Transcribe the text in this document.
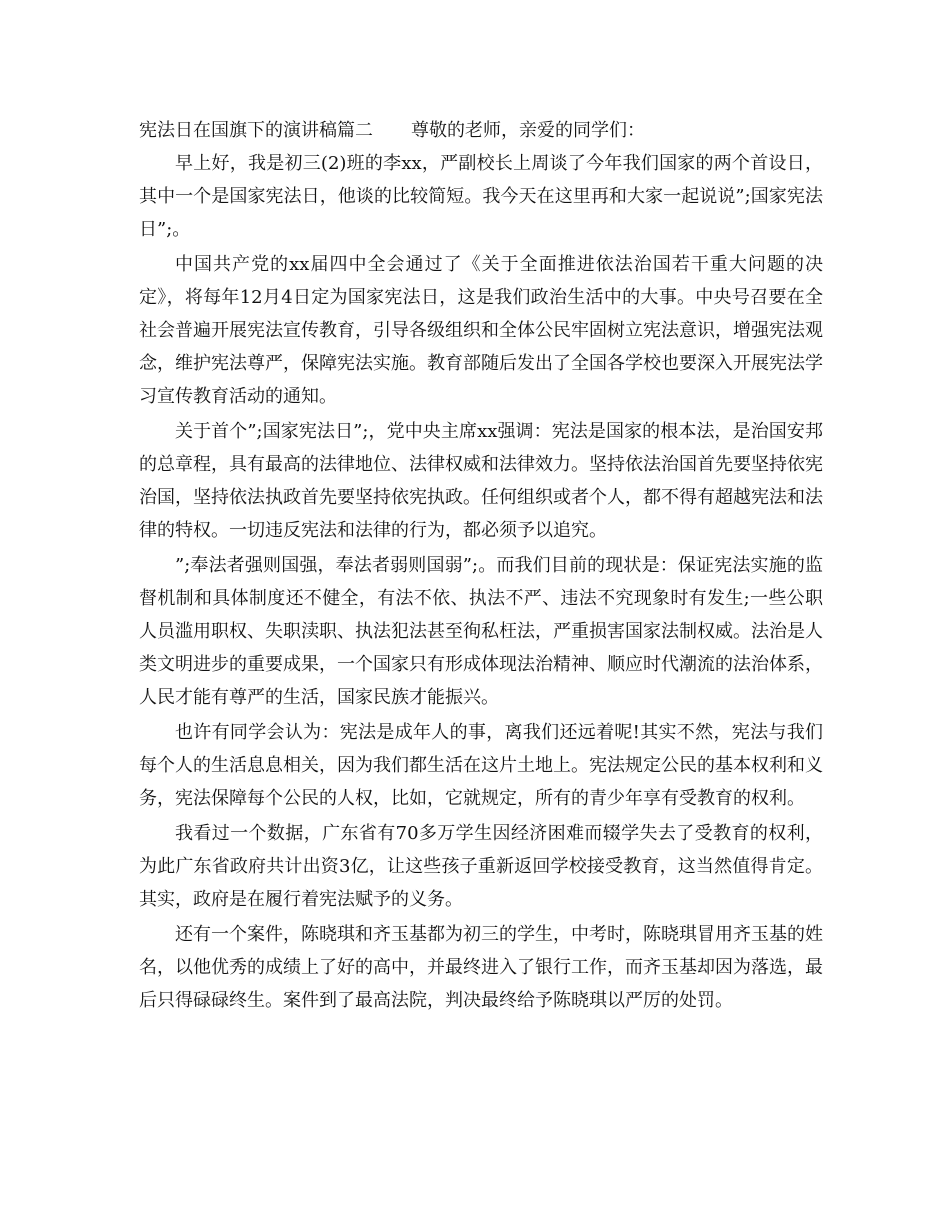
宪法日在国旗下的演讲稿篇二 尊敬的老师，亲爱的同学们：

早上好，我是初三(2)班的李xx，严副校长上周谈了今年我们国家的两个首设日，其中一个是国家宪法日，他谈的比较简短。我今天在这里再和大家一起说说”;国家宪法日”;。

中国共产党的xx届四中全会通过了《关于全面推进依法治国若干重大问题的决定》，将每年12月4日定为国家宪法日，这是我们政治生活中的大事。中央号召要在全社会普遍开展宪法宣传教育，引导各级组织和全体公民牢固树立宪法意识，增强宪法观念，维护宪法尊严，保障宪法实施。教育部随后发出了全国各学校也要深入开展宪法学习宣传教育活动的通知。

关于首个”;国家宪法日”;，党中央主席xx强调：宪法是国家的根本法，是治国安邦的总章程，具有最高的法律地位、法律权威和法律效力。坚持依法治国首先要坚持依宪治国，坚持依法执政首先要坚持依宪执政。任何组织或者个人，都不得有超越宪法和法律的特权。一切违反宪法和法律的行为，都必须予以追究。

”;奉法者强则国强，奉法者弱则国弱”;。而我们目前的现状是：保证宪法实施的监督机制和具体制度还不健全，有法不依、执法不严、违法不究现象时有发生;一些公职人员滥用职权、失职渎职、执法犯法甚至徇私枉法，严重损害国家法制权威。法治是人类文明进步的重要成果，一个国家只有形成体现法治精神、顺应时代潮流的法治体系，人民才能有尊严的生活，国家民族才能振兴。

也许有同学会认为：宪法是成年人的事，离我们还远着呢!其实不然，宪法与我们每个人的生活息息相关，因为我们都生活在这片土地上。宪法规定公民的基本权利和义务，宪法保障每个公民的人权，比如，它就规定，所有的青少年享有受教育的权利。

我看过一个数据，广东省有70多万学生因经济困难而辍学失去了受教育的权利，为此广东省政府共计出资3亿，让这些孩子重新返回学校接受教育，这当然值得肯定。其实，政府是在履行着宪法赋予的义务。

还有一个案件，陈晓琪和齐玉基都为初三的学生，中考时，陈晓琪冒用齐玉基的姓名，以他优秀的成绩上了好的高中，并最终进入了银行工作，而齐玉基却因为落选，最后只得碌碌终生。案件到了最高法院，判决最终给予陈晓琪以严厉的处罚。
